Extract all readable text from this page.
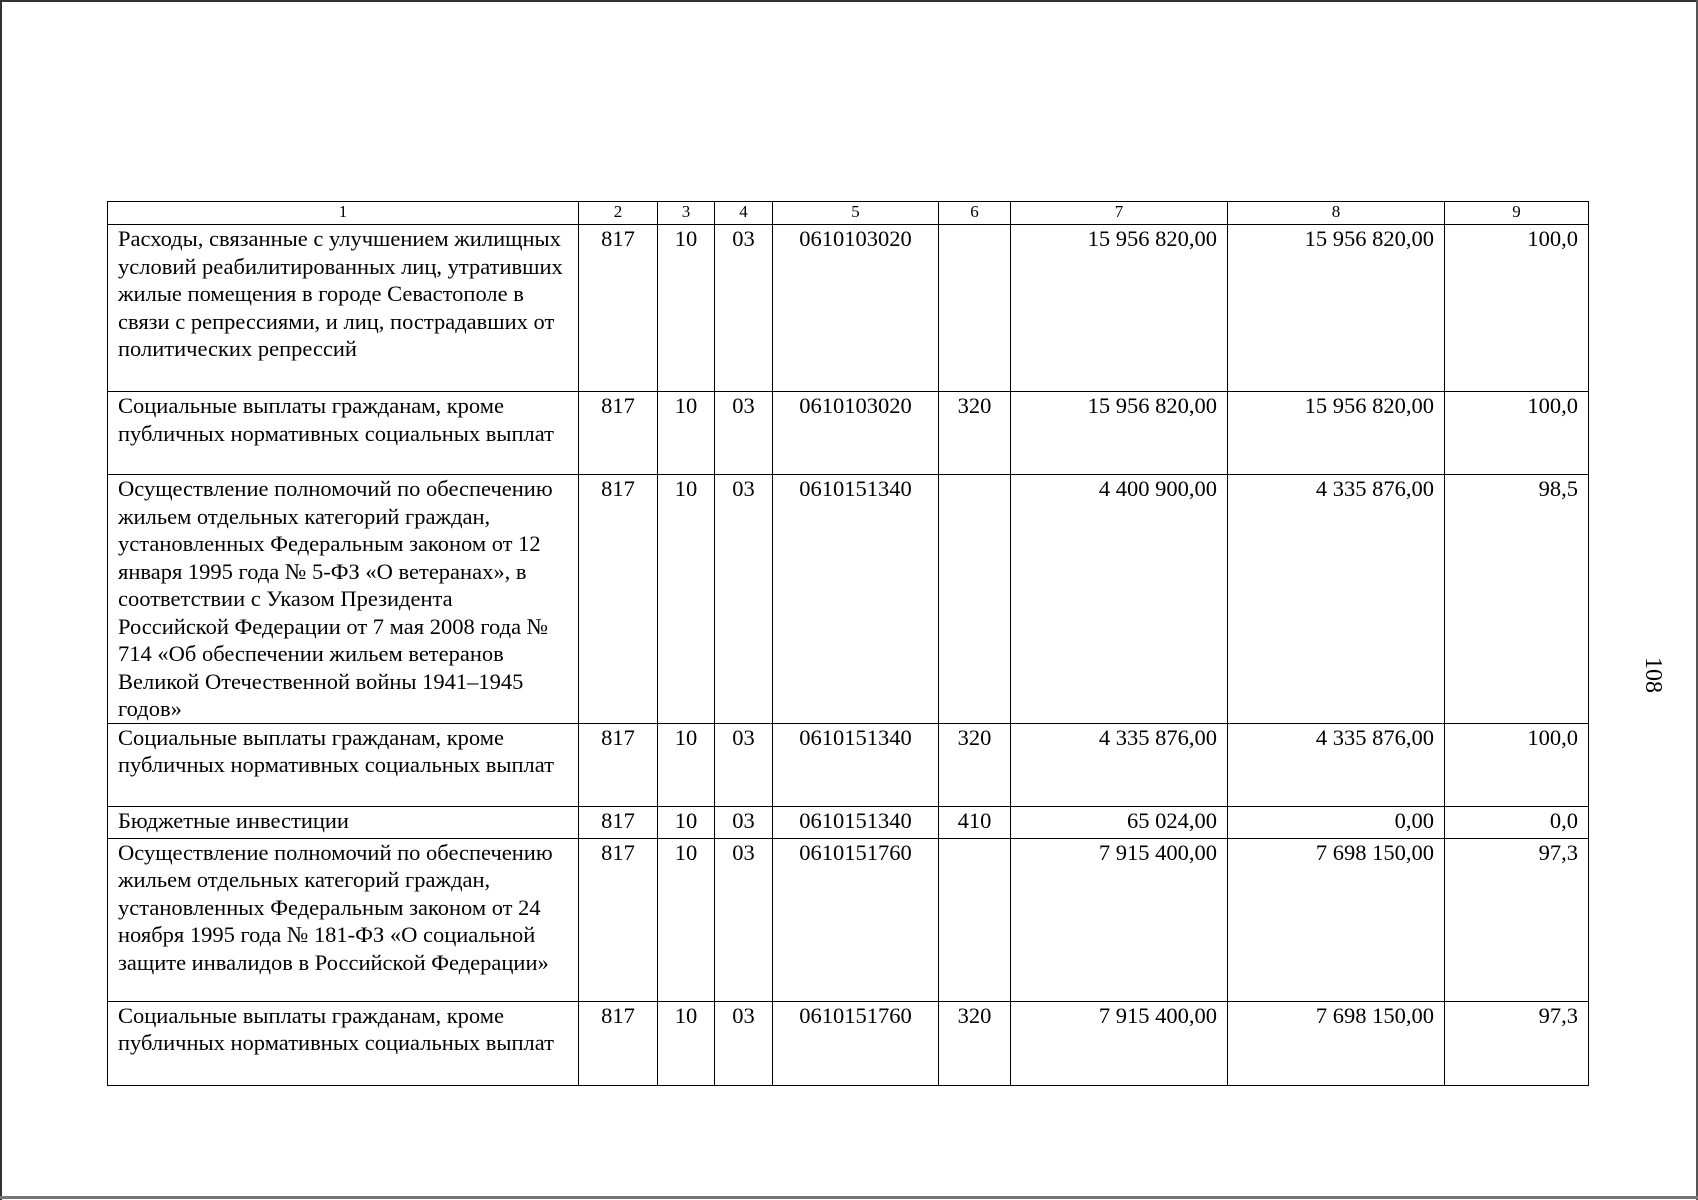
1	2	3	4	5	6	7	8	9
Расходы, связанные с улучшением жилищных условий реабилитированных лиц, утративших жилые помещения в городе Севастополе в связи с репрессиями, и лиц, пострадавших от политических репрессий	817	10	03	0610103020		15 956 820,00	15 956 820,00	100,0
Социальные выплаты гражданам, кроме публичных нормативных социальных выплат	817	10	03	0610103020	320	15 956 820,00	15 956 820,00	100,0
Осуществление полномочий по обеспечению жильем отдельных категорий граждан, установленных Федеральным законом от 12 января 1995 года № 5-ФЗ «О ветеранах», в соответствии с Указом Президента Российской Федерации от 7 мая 2008 года № 714 «Об обеспечении жильем ветеранов Великой Отечественной войны 1941–1945 годов»	817	10	03	0610151340		4 400 900,00	4 335 876,00	98,5
Социальные выплаты гражданам, кроме публичных нормативных социальных выплат	817	10	03	0610151340	320	4 335 876,00	4 335 876,00	100,0
Бюджетные инвестиции	817	10	03	0610151340	410	65 024,00	0,00	0,0
Осуществление полномочий по обеспечению жильем отдельных категорий граждан, установленных Федеральным законом от 24 ноября 1995 года № 181-ФЗ «О социальной защите инвалидов в Российской Федерации»	817	10	03	0610151760		7 915 400,00	7 698 150,00	97,3
Социальные выплаты гражданам, кроме публичных нормативных социальных выплат	817	10	03	0610151760	320	7 915 400,00	7 698 150,00	97,3
108
